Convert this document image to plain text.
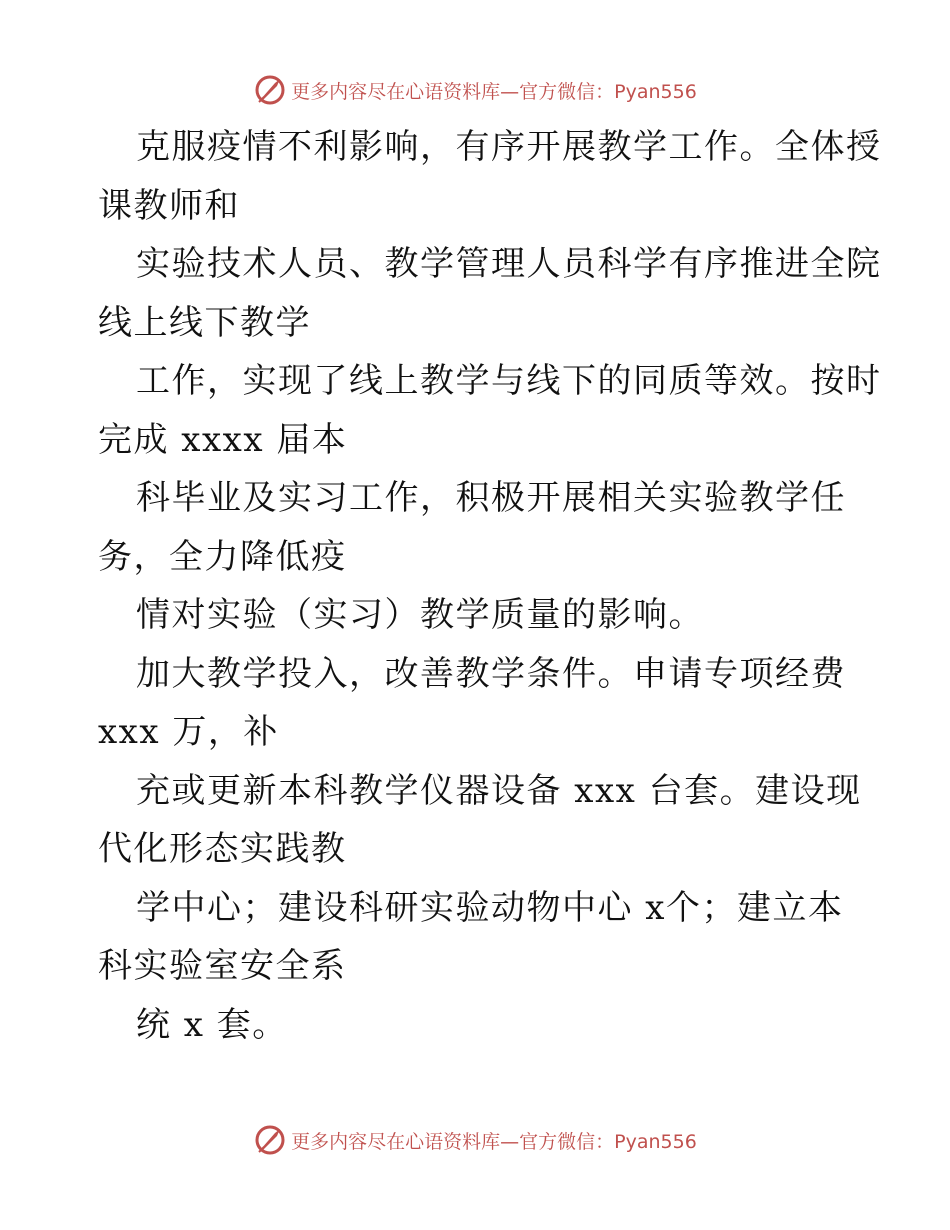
更多内容尽在心语资料库—官方微信：Pyan556
克服疫情不利影响，有序开展教学工作。全体授
课教师和
实验技术人员、教学管理人员科学有序推进全院
线上线下教学
工作，实现了线上教学与线下的同质等效。按时
完成 xxxx 届本
科毕业及实习工作，积极开展相关实验教学任
务，全力降低疫
情对实验（实习）教学质量的影响。
加大教学投入，改善教学条件。申请专项经费
xxx 万，补
充或更新本科教学仪器设备 xxx 台套。建设现
代化形态实践教
学中心；建设科研实验动物中心 x个；建立本
科实验室安全系
统 x 套。
更多内容尽在心语资料库—官方微信：Pyan556
